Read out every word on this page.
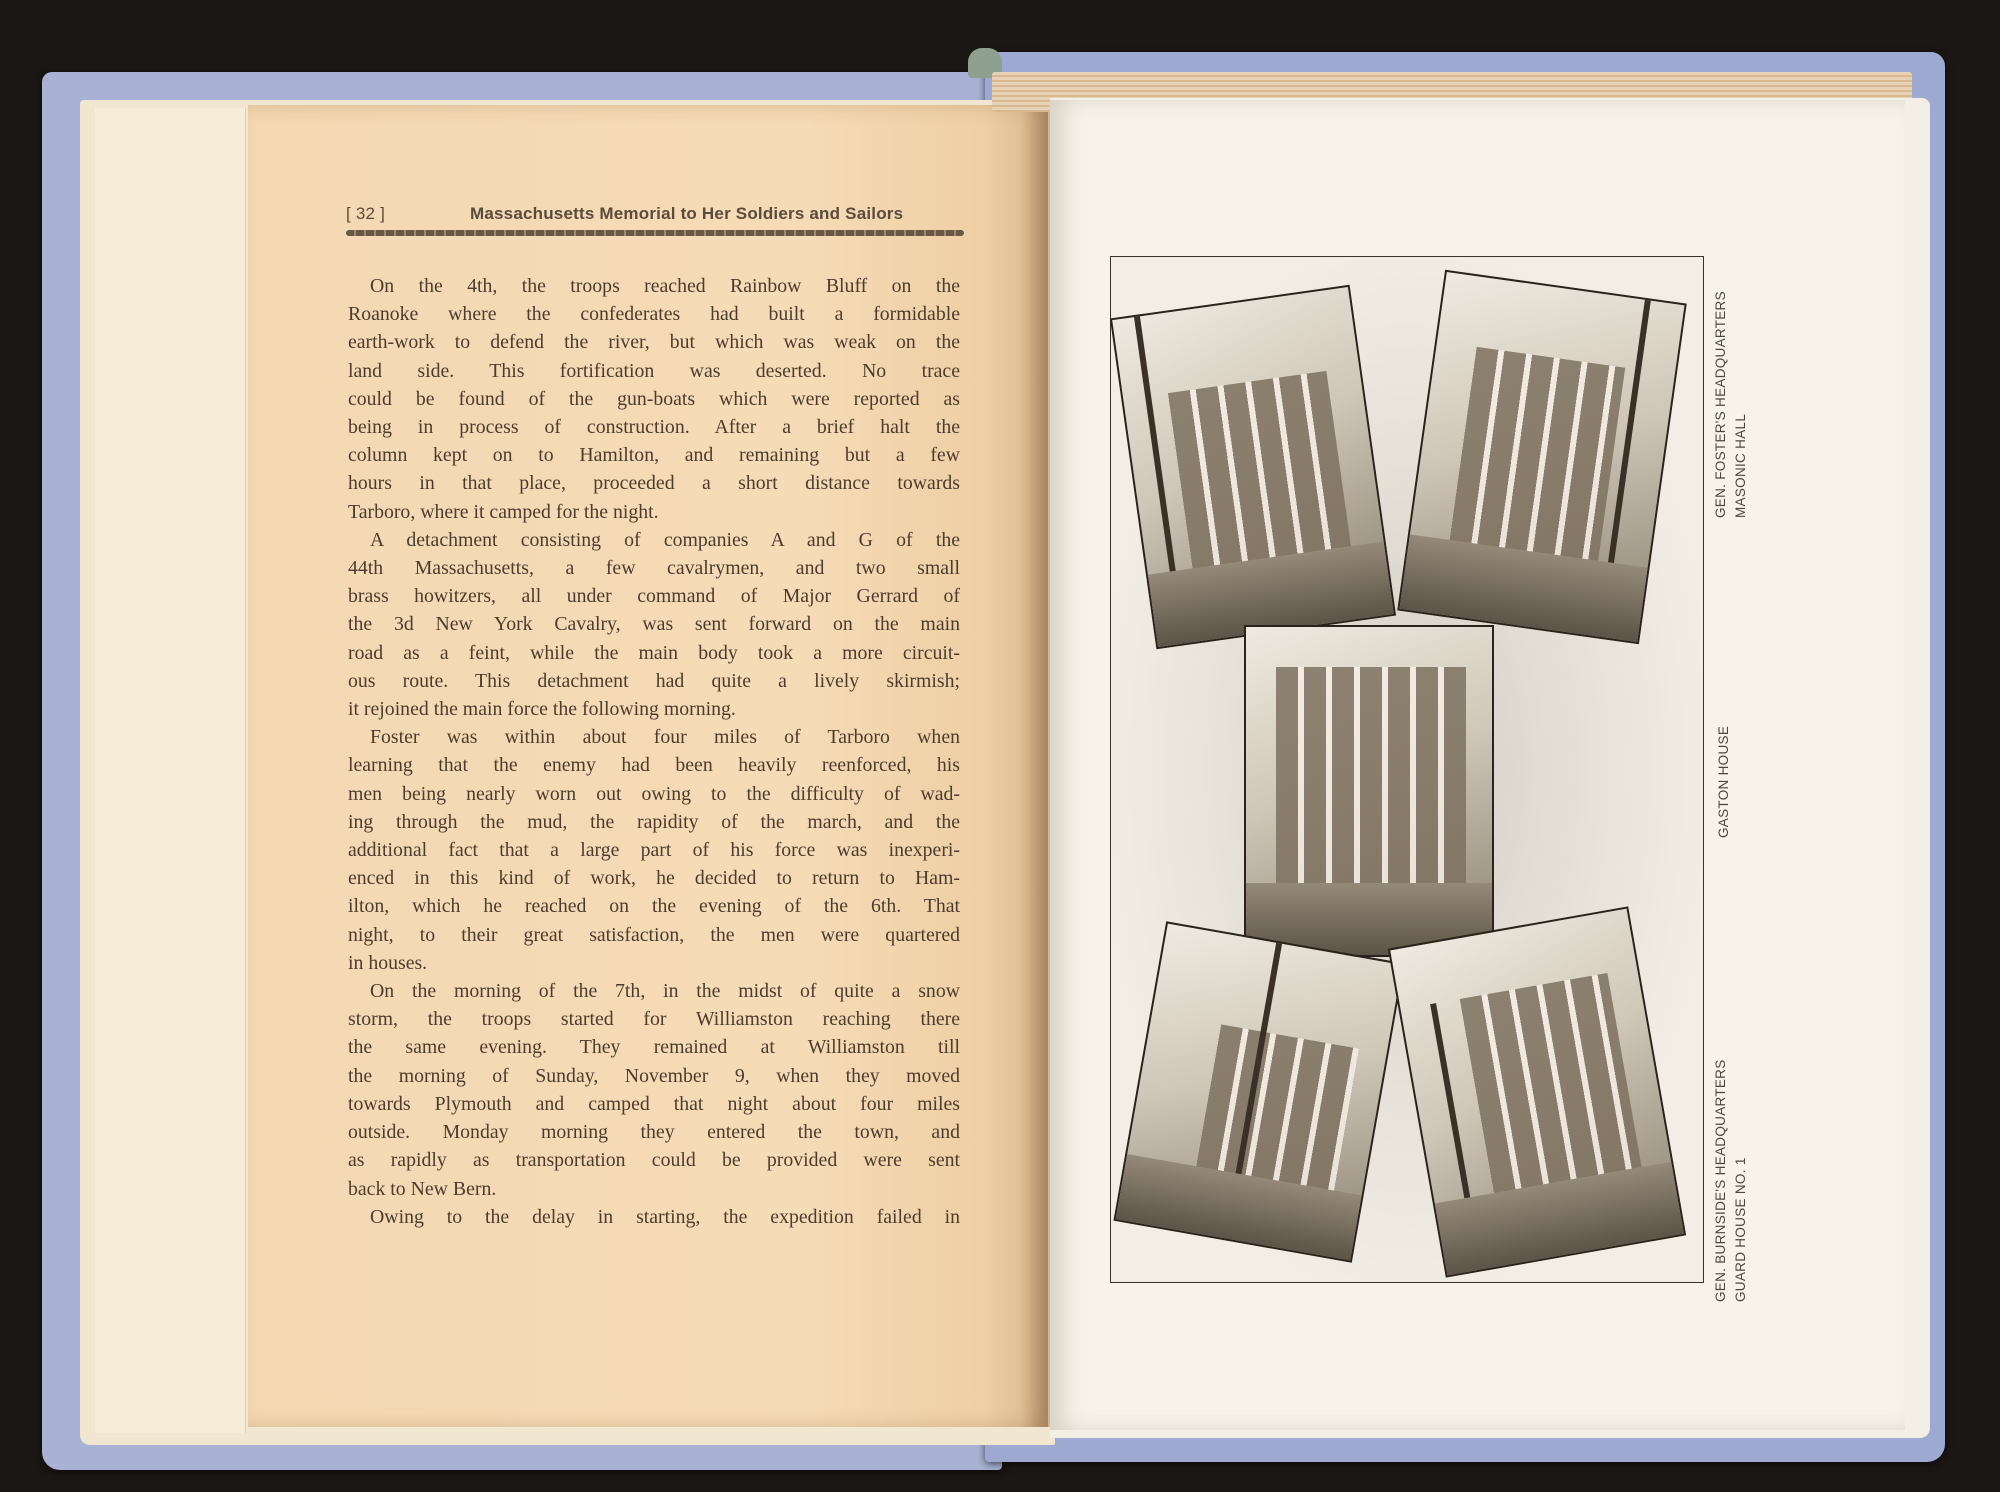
[ 32 ]	Massachusetts Memorial to Her Soldiers and Sailors

On the 4th, the troops reached Rainbow Bluff on the

Roanoke where the confederates had built a formidable

earth-work to defend the river, but which was weak on the

land side. This fortification was deserted. No trace

could be found of the gun-boats which were reported as

being in process of construction. After a brief halt the

column kept on to Hamilton, and remaining but a few

hours in that place, proceeded a short distance towards

Tarboro, where it camped for the night.

A detachment consisting of companies A and G of the

44th Massachusetts, a few cavalrymen, and two small

brass howitzers, all under command of Major Gerrard of

the 3d New York Cavalry, was sent forward on the main

road as a feint, while the main body took a more circuit-

ous route. This detachment had quite a lively skirmish;

it rejoined the main force the following morning.

Foster was within about four miles of Tarboro when

learning that the enemy had been heavily reenforced, his

men being nearly worn out owing to the difficulty of wad-

ing through the mud, the rapidity of the march, and the

additional fact that a large part of his force was inexperi-

enced in this kind of work, he decided to return to Ham-

ilton, which he reached on the evening of the 6th. That

night, to their great satisfaction, the men were quartered

in houses.

On the morning of the 7th, in the midst of quite a snow

storm, the troops started for Williamston reaching there

the same evening. They remained at Williamston till

the morning of Sunday, November 9, when they moved

towards Plymouth and camped that night about four miles

outside. Monday morning they entered the town, and

as rapidly as transportation could be provided were sent

back to New Bern.

Owing to the delay in starting, the expedition failed in

GEN. FOSTER'S HEADQUARTERS MASONIC HALL
GASTON HOUSE
GEN. BURNSIDE'S HEADQUARTERS GUARD HOUSE NO. 1
